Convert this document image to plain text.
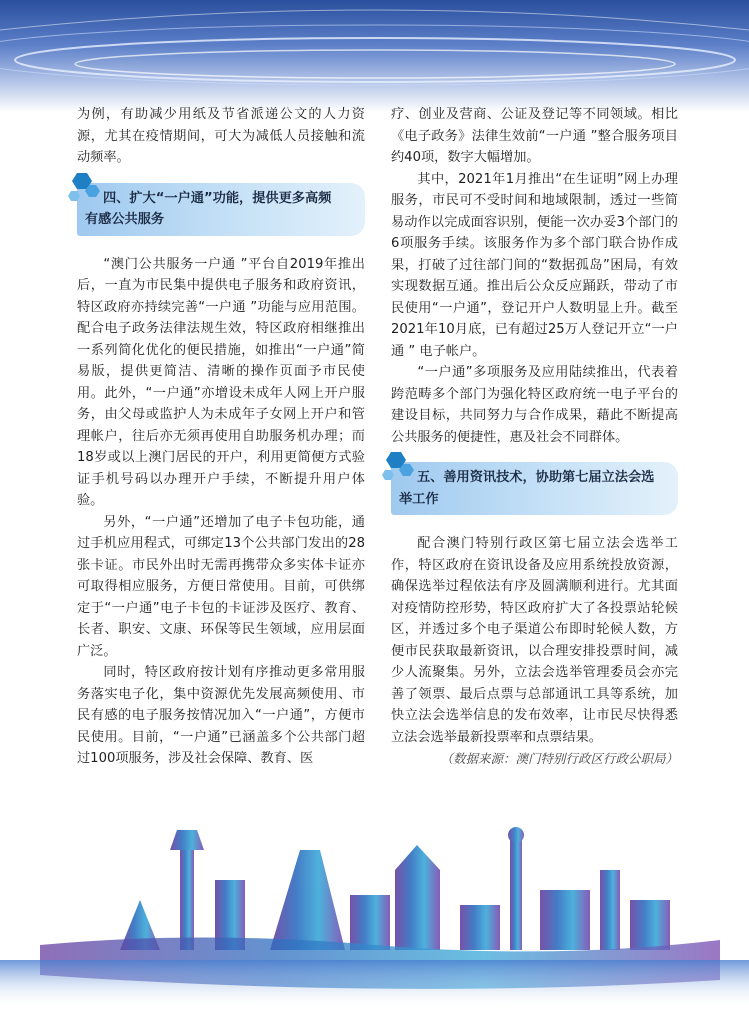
为例，有助减少用纸及节省派递公文的人力资源，尤其在疫情期间，可大为减低人员接触和流动频率。

四、扩大“一户通”功能，提供更多高频
有感公共服务

“澳门公共服务一户通 ”平台自2019年推出后，一直为市民集中提供电子服务和政府资讯，特区政府亦持续完善“一户通 ”功能与应用范围。配合电子政务法律法规生效，特区政府相继推出一系列简化优化的便民措施，如推出“一户通”简易版，提供更简洁、清晰的操作页面予市民使用。此外，“一户通”亦增设未成年人网上开户服务，由父母或监护人为未成年子女网上开户和管理帐户，往后亦无须再使用自助服务机办理；而18岁或以上澳门居民的开户，利用更简便方式验证手机号码以办理开户手续，不断提升用户体验。

另外，“一户通”还增加了电子卡包功能，通过手机应用程式，可绑定13个公共部门发出的28张卡证。市民外出时无需再携带众多实体卡证亦可取得相应服务，方便日常使用。目前，可供绑定于“一户通”电子卡包的卡证涉及医疗、教育、长者、职安、文康、环保等民生领域，应用层面广泛。

同时，特区政府按计划有序推动更多常用服务落实电子化，集中资源优先发展高频使用、市民有感的电子服务按情况加入“一户通”，方便市民使用。目前，“一户通”已涵盖多个公共部门超过100项服务，涉及社会保障、教育、医

疗、创业及营商、公证及登记等不同领域。相比《电子政务》法律生效前“一户通 ”整合服务项目约40项，数字大幅增加。

其中，2021年1月推出“在生证明”网上办理服务，市民可不受时间和地域限制，透过一些简易动作以完成面容识别，便能一次办妥3个部门的6项服务手续。该服务作为多个部门联合协作成果，打破了过往部门间的“数据孤岛”困局，有效实现数据互通。推出后公众反应踊跃，带动了市民使用“一户通”，登记开户人数明显上升。截至2021年10月底，已有超过25万人登记开立“一户通 ” 电子帐户。

“一户通”多项服务及应用陆续推出，代表着跨范畴多个部门为强化特区政府统一电子平台的建设目标，共同努力与合作成果，藉此不断提高公共服务的便捷性，惠及社会不同群体。

五、善用资讯技术，协助第七届立法会选
举工作

配合澳门特别行政区第七届立法会选举工作，特区政府在资讯设备及应用系统投放资源，确保选举过程依法有序及圆满顺利进行。尤其面对疫情防控形势，特区政府扩大了各投票站轮候区，并透过多个电子渠道公布即时轮候人数，方便市民获取最新资讯，以合理安排投票时间，减少人流聚集。另外，立法会选举管理委员会亦完善了领票、最后点票与总部通讯工具等系统，加快立法会选举信息的发布效率，让市民尽快得悉立法会选举最新投票率和点票结果。

（数据来源：澳门特别行政区行政公职局）
